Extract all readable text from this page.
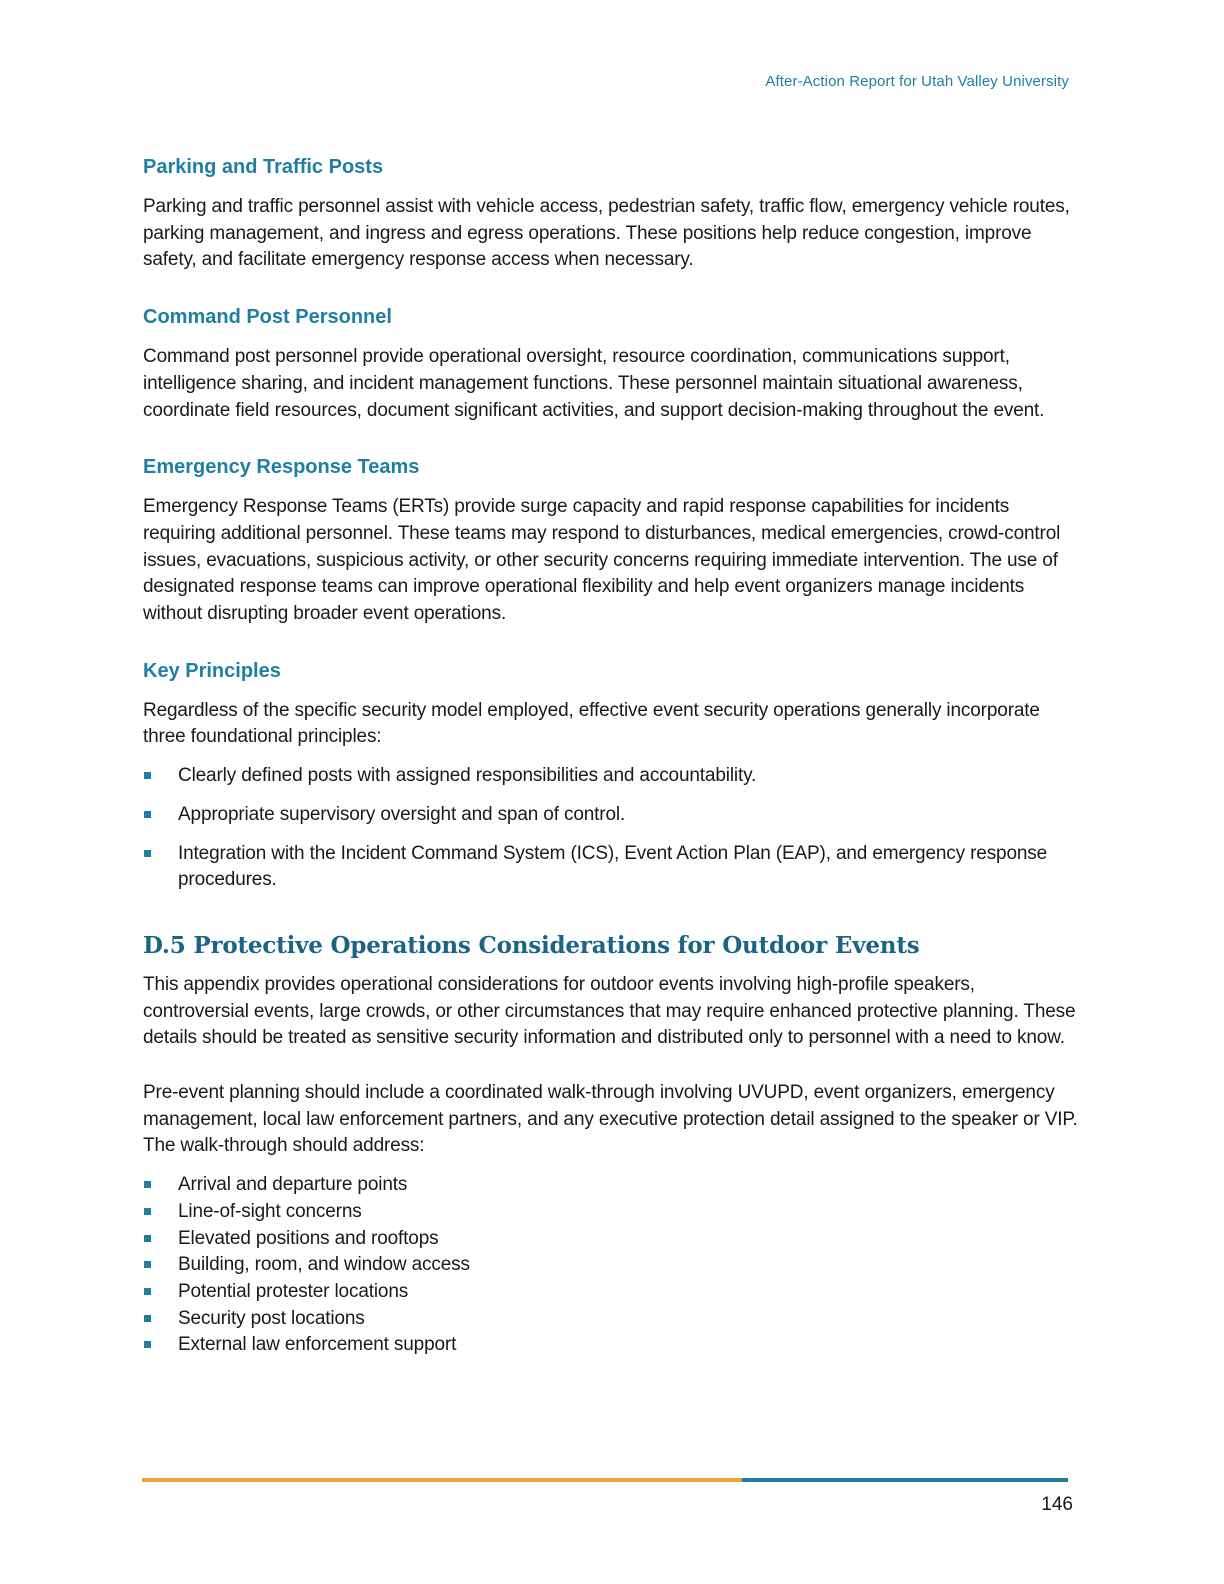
After-Action Report for Utah Valley University
Parking and Traffic Posts

Parking and traffic personnel assist with vehicle access, pedestrian safety, traffic flow, emergency vehicle routes, parking management, and ingress and egress operations. These positions help reduce congestion, improve safety, and facilitate emergency response access when necessary.

Command Post Personnel

Command post personnel provide operational oversight, resource coordination, communications support, intelligence sharing, and incident management functions. These personnel maintain situational awareness, coordinate field resources, document significant activities, and support decision-making throughout the event.

Emergency Response Teams

Emergency Response Teams (ERTs) provide surge capacity and rapid response capabilities for incidents requiring additional personnel. These teams may respond to disturbances, medical emergencies, crowd-control issues, evacuations, suspicious activity, or other security concerns requiring immediate intervention. The use of designated response teams can improve operational flexibility and help event organizers manage incidents without disrupting broader event operations.

Key Principles

Regardless of the specific security model employed, effective event security operations generally incorporate three foundational principles:

Clearly defined posts with assigned responsibilities and accountability.
Appropriate supervisory oversight and span of control.
Integration with the Incident Command System (ICS), Event Action Plan (EAP), and emergency response procedures.
D.5 Protective Operations Considerations for Outdoor Events

This appendix provides operational considerations for outdoor events involving high-profile speakers, controversial events, large crowds, or other circumstances that may require enhanced protective planning. These details should be treated as sensitive security information and distributed only to personnel with a need to know.

Pre-event planning should include a coordinated walk-through involving UVUPD, event organizers, emergency management, local law enforcement partners, and any executive protection detail assigned to the speaker or VIP. The walk-through should address:

Arrival and departure points
Line-of-sight concerns
Elevated positions and rooftops
Building, room, and window access
Potential protester locations
Security post locations
External law enforcement support
146
